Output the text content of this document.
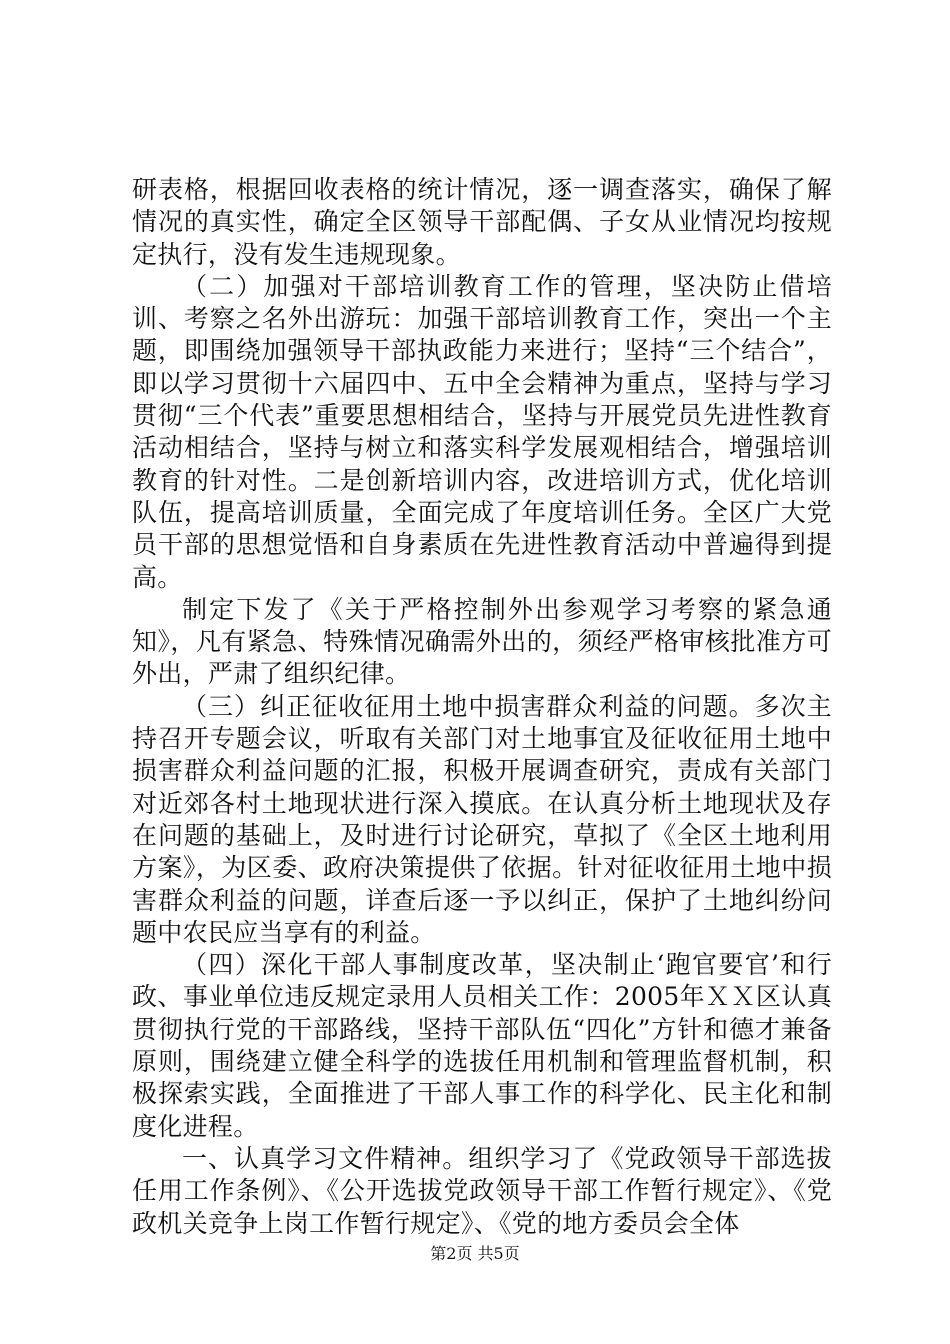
研表格，根据回收表格的统计情况，逐一调查落实，确保了解情况的真实性，确定全区领导干部配偶、子女从业情况均按规定执行，没有发生违规现象。

（二）加强对干部培训教育工作的管理，坚决防止借培训、考察之名外出游玩：加强干部培训教育工作，突出一个主题，即围绕加强领导干部执政能力来进行；坚持“三个结合”，即以学习贯彻十六届四中、五中全会精神为重点，坚持与学习贯彻“三个代表”重要思想相结合，坚持与开展党员先进性教育活动相结合，坚持与树立和落实科学发展观相结合，增强培训教育的针对性。二是创新培训内容，改进培训方式，优化培训队伍，提高培训质量，全面完成了年度培训任务。全区广大党员干部的思想觉悟和自身素质在先进性教育活动中普遍得到提高。

制定下发了《关于严格控制外出参观学习考察的紧急通知》，凡有紧急、特殊情况确需外出的，须经严格审核批准方可外出，严肃了组织纪律。

（三）纠正征收征用土地中损害群众利益的问题。多次主持召开专题会议，听取有关部门对土地事宜及征收征用土地中损害群众利益问题的汇报，积极开展调查研究，责成有关部门对近郊各村土地现状进行深入摸底。在认真分析土地现状及存在问题的基础上，及时进行讨论研究，草拟了《全区土地利用方案》，为区委、政府决策提供了依据。针对征收征用土地中损害群众利益的问题，详查后逐一予以纠正，保护了土地纠纷问题中农民应当享有的利益。

（四）深化干部人事制度改革，坚决制止‘跑官要官’和行政、事业单位违反规定录用人员相关工作：2005年ＸＸ区认真贯彻执行党的干部路线，坚持干部队伍“四化”方针和德才兼备原则，围绕建立健全科学的选拔任用机制和管理监督机制，积极探索实践，全面推进了干部人事工作的科学化、民主化和制度化进程。

一、认真学习文件精神。组织学习了《党政领导干部选拔任用工作条例》、《公开选拔党政领导干部工作暂行规定》、《党政机关竞争上岗工作暂行规定》、《党的地方委员会全体

第2页 共5页
